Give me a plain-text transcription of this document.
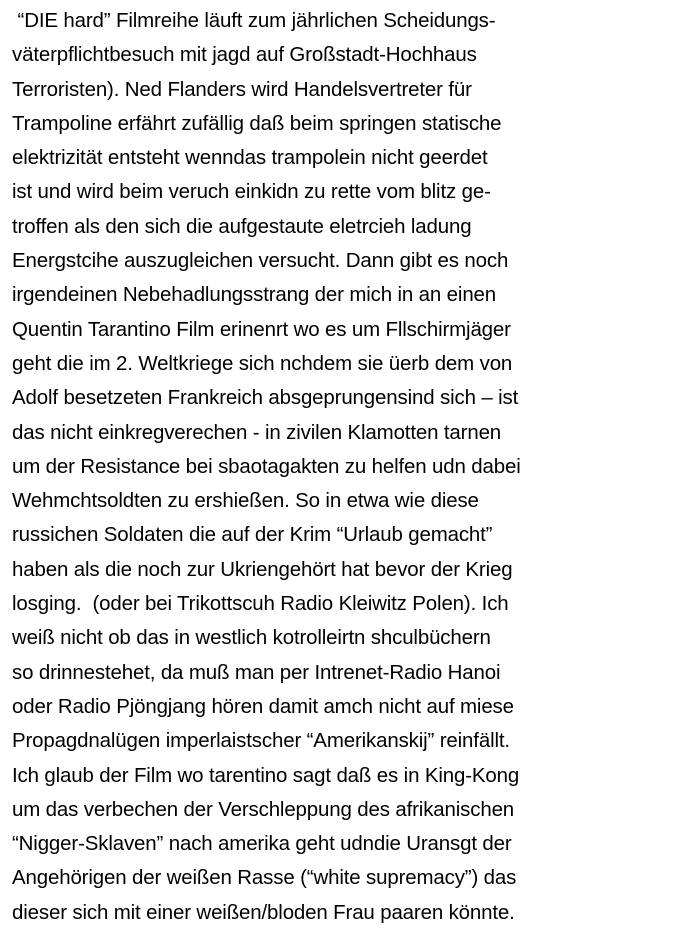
“DIE hard” Filmreihe läuft zum jährlichen Scheidungs-
väterpflichtbesuch mit jagd auf Großstadt-Hochhaus
Terroristen). Ned Flanders wird Handelsvertreter für
Trampoline erfährt zufällig daß beim springen statische
elektrizität entsteht wenndas trampolein nicht geerdet
ist und wird beim veruch einkidn zu rette vom blitz ge-
troffen als den sich die aufgestaute eletrcieh ladung
Energstcihe auszugleichen versucht. Dann gibt es noch
irgendeinen Nebehadlungsstrang der mich in an einen
Quentin Tarantino Film erinenrt wo es um Fllschirmjäger
geht die im 2. Weltkriege sich nchdem sie üerb dem von
Adolf besetzeten Frankreich absgeprungensind sich – ist
das nicht einkregverechen - in zivilen Klamotten tarnen
um der Resistance bei sbaotagakten zu helfen udn dabei
Wehmchtsoldten zu ershießen. So in etwa wie diese
russichen Soldaten die auf der Krim “Urlaub gemacht”
haben als die noch zur Ukriengehört hat bevor der Krieg
losging.  (oder bei Trikottscuh Radio Kleiwitz Polen). Ich
weiß nicht ob das in westlich kotrolleirtn shculbüchern
so drinnestehet, da muß man per Intrenet-Radio Hanoi
oder Radio Pjöngjang hören damit amch nicht auf miese
Propagdnalügen imperlaistscher “Amerikanskij” reinfällt.
Ich glaub der Film wo tarentino sagt daß es in King-Kong
um das verbechen der Verschleppung des afrikanischen
“Nigger-Sklaven” nach amerika geht udndie Uransgt der
Angehörigen der weißen Rasse (“white supremacy”) das
dieser sich mit einer weißen/bloden Frau paaren könnte.
